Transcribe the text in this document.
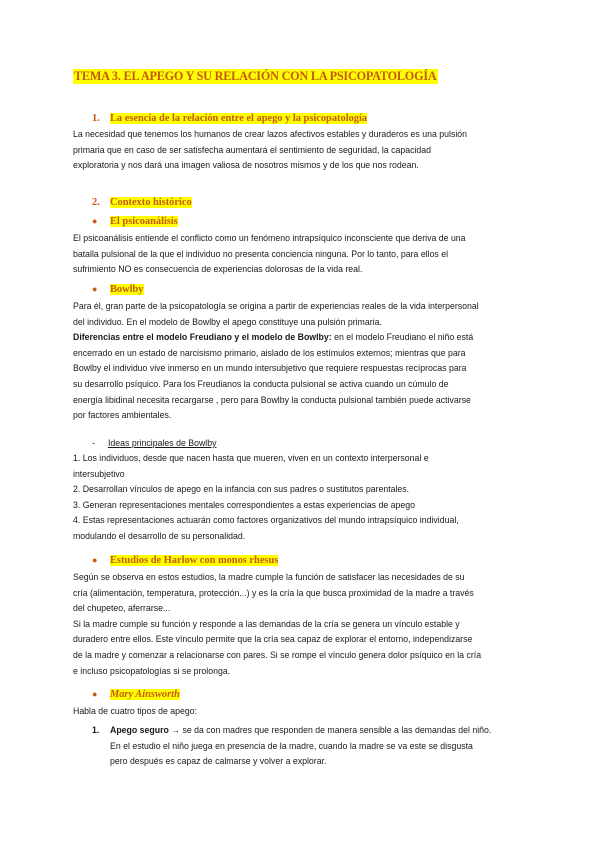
TEMA 3. EL APEGO Y SU RELACIÓN CON LA PSICOPATOLOGÍA
1. La esencia de la relación entre el apego y la psicopatología
La necesidad que tenemos los humanos de crear lazos afectivos estables y duraderos es una pulsión
primaria que en caso de ser satisfecha aumentará el sentimiento de seguridad, la capacidad
exploratoria y nos dará una imagen valiosa de nosotros mismos y de los que nos rodean.
2. Contexto histórico
● El psicoanálisis
El psicoanálisis entiende el conflicto como un fenómeno intrapsíquico inconsciente que deriva de una
batalla pulsional de la que el individuo no presenta conciencia ninguna. Por lo tanto, para ellos el
sufrimiento NO es consecuencia de experiencias dolorosas de la vida real.
● Bowlby
Para él, gran parte de la psicopatología se origina a partir de experiencias reales de la vida interpersonal
del individuo. En el modelo de Bowlby el apego constituye una pulsión primaria.
Diferencias entre el modelo Freudiano y el modelo de Bowlby: en el modelo Freudiano el niño está
encerrado en un estado de narcisismo primario, aislado de los estímulos externos; mientras que para
Bowlby el individuo vive inmerso en un mundo intersubjetivo que requiere respuestas recíprocas para
su desarrollo psíquico. Para los Freudianos la conducta pulsional se activa cuando un cúmulo de
energía libidinal necesita recargarse , pero para Bowlby la conducta pulsional también puede activarse
por factores ambientales.
- Ideas principales de Bowlby
1. Los individuos, desde que nacen hasta que mueren, viven en un contexto interpersonal e
intersubjetivo
2. Desarrollan vínculos de apego en la infancia con sus padres o sustitutos parentales.
3. Generan representaciones mentales correspondientes a estas experiencias de apego
4. Estas representaciones actuarán como factores organizativos del mundo intrapsíquico individual,
modulando el desarrollo de su personalidad.
● Estudios de Harlow con monos rhesus
Según se observa en estos estudios, la madre cumple la función de satisfacer las necesidades de su
cría (alimentación, temperatura, protección...) y es la cría la que busca proximidad de la madre a través
del chupeteo, aferrarse...
Si la madre cumple su función y responde a las demandas de la cría se genera un vínculo estable y
duradero entre ellos. Este vínculo permite que la cría sea capaz de explorar el entorno, independizarse
de la madre y comenzar a relacionarse con pares. Si se rompe el vínculo genera dolor psíquico en la cría
e incluso psicopatologías si se prolonga.
● Mary Ainsworth
Habla de cuatro tipos de apego:
1. Apego seguro → se da con madres que responden de manera sensible a las demandas del niño.
En el estudio el niño juega en presencia de la madre, cuando la madre se va este se disgusta
pero después es capaz de calmarse y volver a explorar.
